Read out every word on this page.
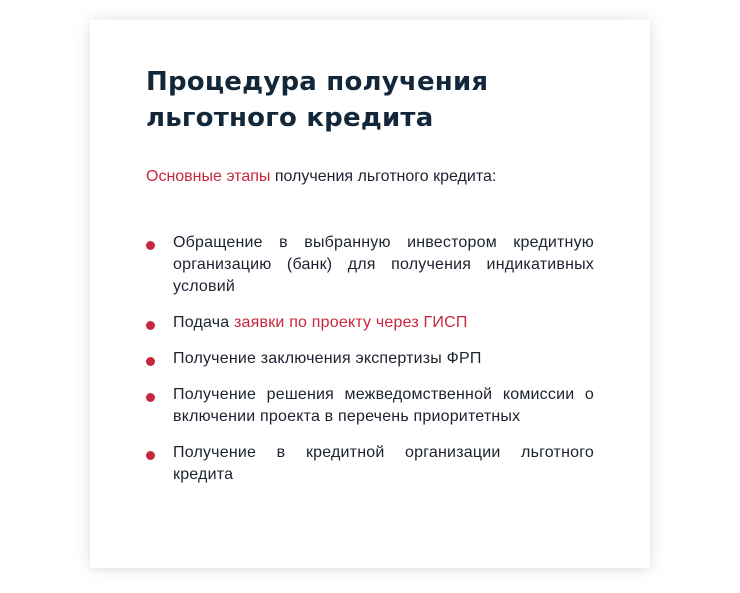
Процедура получения льготного кредита

Основные этапы получения льготного кредита:

Обращение в выбранную инвестором кредитную организацию (банк) для получения индикативных условий
Подача заявки по проекту через ГИСП
Получение заключения экспертизы ФРП
Получение решения межведомственной комиссии о включении проекта в перечень приоритетных
Получение в кредитной организации льготного кредита
